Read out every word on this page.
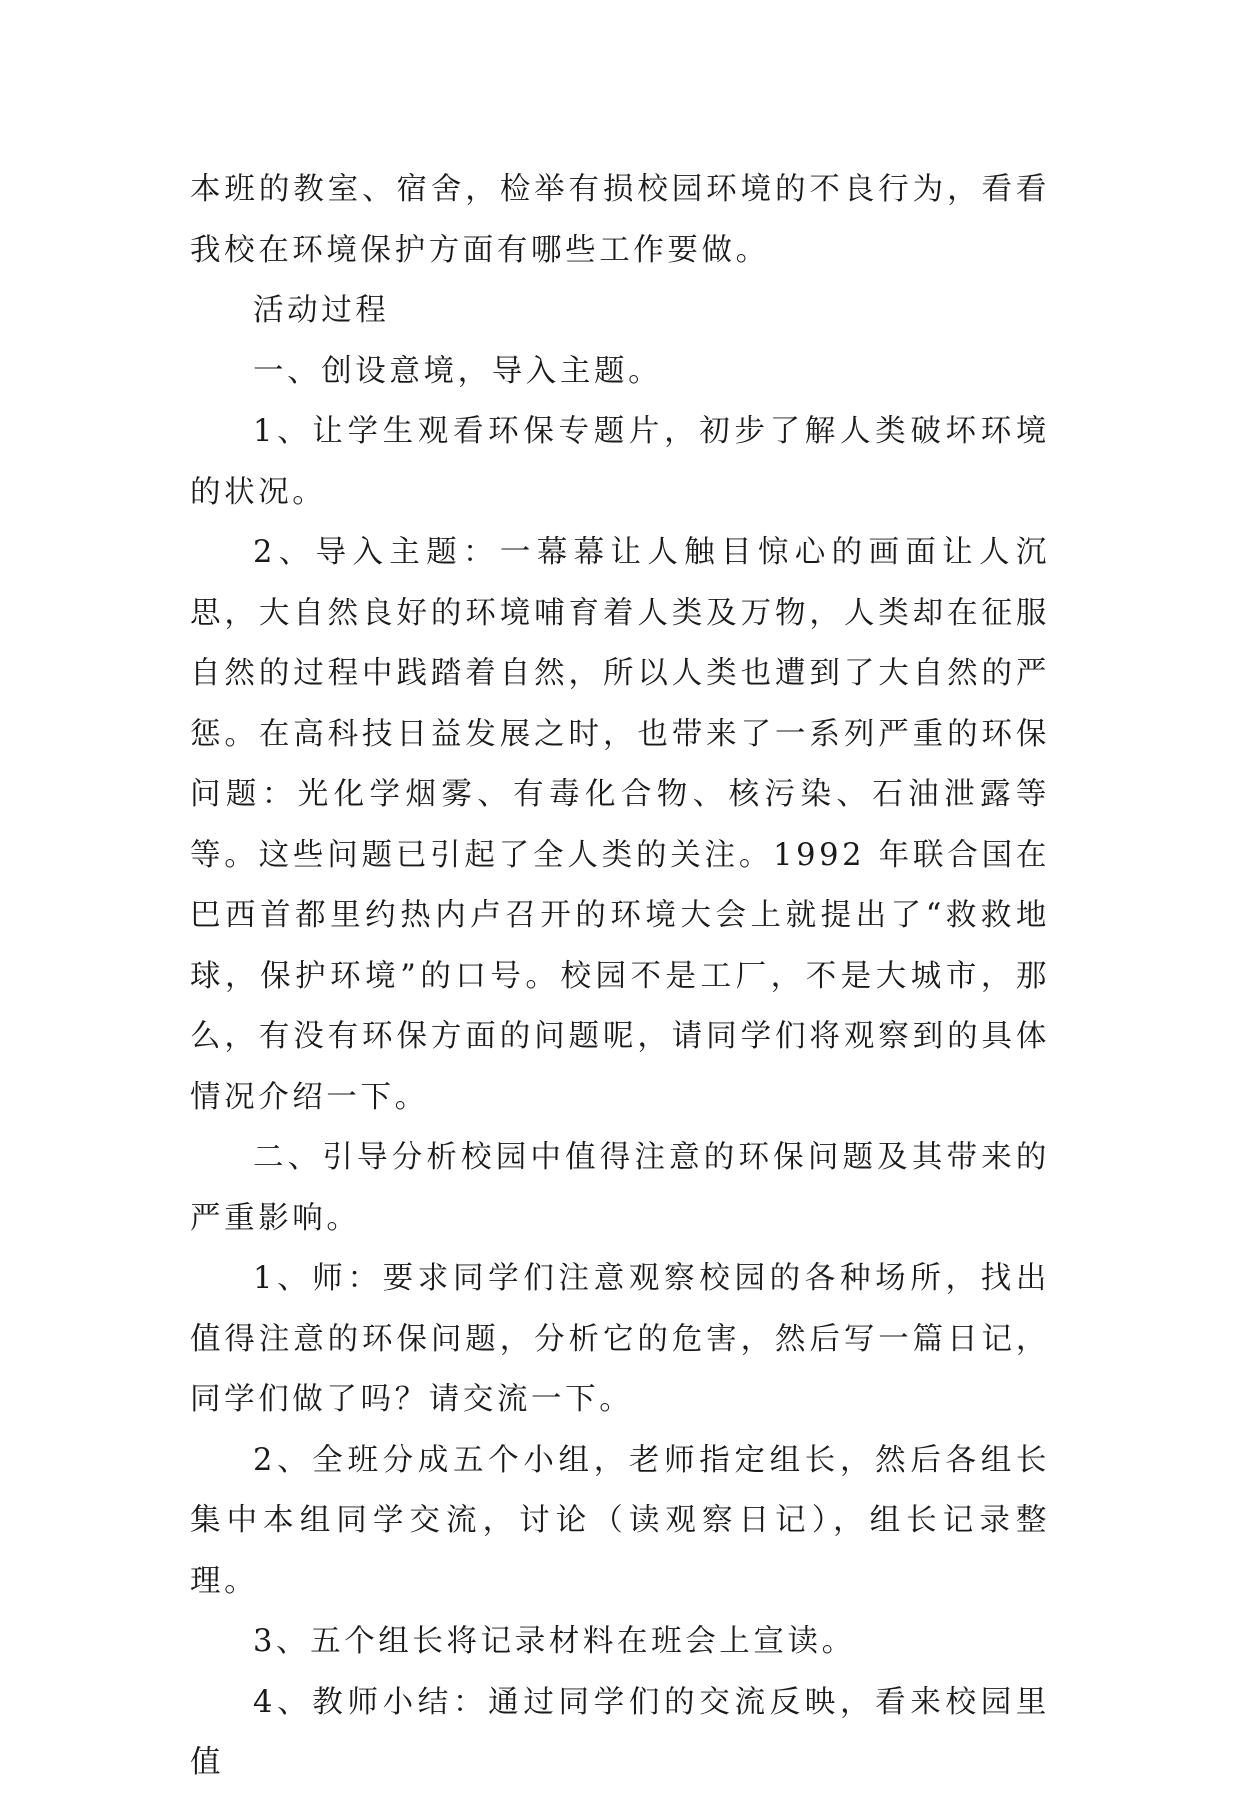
本班的教室、宿舍，检举有损校园环境的不良行为，看看我校在环境保护方面有哪些工作要做。

活动过程

一、创设意境，导入主题。

1、让学生观看环保专题片，初步了解人类破坏环境的状况。

2、导入主题：一幕幕让人触目惊心的画面让人沉思，大自然良好的环境哺育着人类及万物，人类却在征服自然的过程中践踏着自然，所以人类也遭到了大自然的严惩。在高科技日益发展之时，也带来了一系列严重的环保问题：光化学烟雾、有毒化合物、核污染、石油泄露等等。这些问题已引起了全人类的关注。1992 年联合国在巴西首都里约热内卢召开的环境大会上就提出了“救救地球，保护环境”的口号。校园不是工厂，不是大城市，那么，有没有环保方面的问题呢，请同学们将观察到的具体情况介绍一下。

二、引导分析校园中值得注意的环保问题及其带来的严重影响。

1、师：要求同学们注意观察校园的各种场所，找出值得注意的环保问题，分析它的危害，然后写一篇日记，同学们做了吗？请交流一下。

2、全班分成五个小组，老师指定组长，然后各组长集中本组同学交流，讨论（读观察日记），组长记录整理。

3、五个组长将记录材料在班会上宣读。

4、教师小结：通过同学们的交流反映，看来校园里值
